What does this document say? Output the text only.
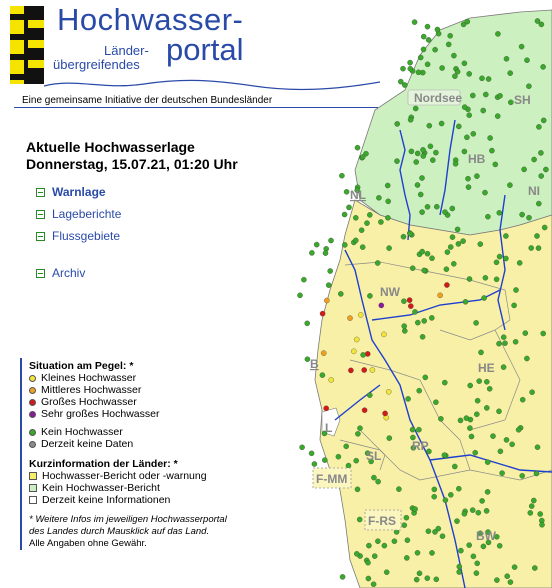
Nordsee	SH
HB
NI
NL
NW
B	HE
L
RP
SL
F-MM
F-RS
BW
Hochwasser-
Länder-
übergreifendes portal
Eine gemeinsame Initiative der deutschen Bundesländer
Aktuelle Hochwasserlage
Donnerstag, 15.07.21, 01:20 Uhr
Warnlage
Lageberichte
Flussgebiete
Archiv
Situation am Pegel: *
Kleines Hochwasser
Mittleres Hochwasser
Großes Hochwasser
Sehr großes Hochwasser
Kein Hochwasser
Derzeit keine Daten
Kurzinformation der Länder: *
Hochwasser-Bericht oder -warnung
Kein Hochwasser-Bericht
Derzeit keine Informationen
* Weitere Infos im jeweiligen Hochwasserportal
des Landes durch Mausklick auf das Land.
Alle Angaben ohne Gewähr.
